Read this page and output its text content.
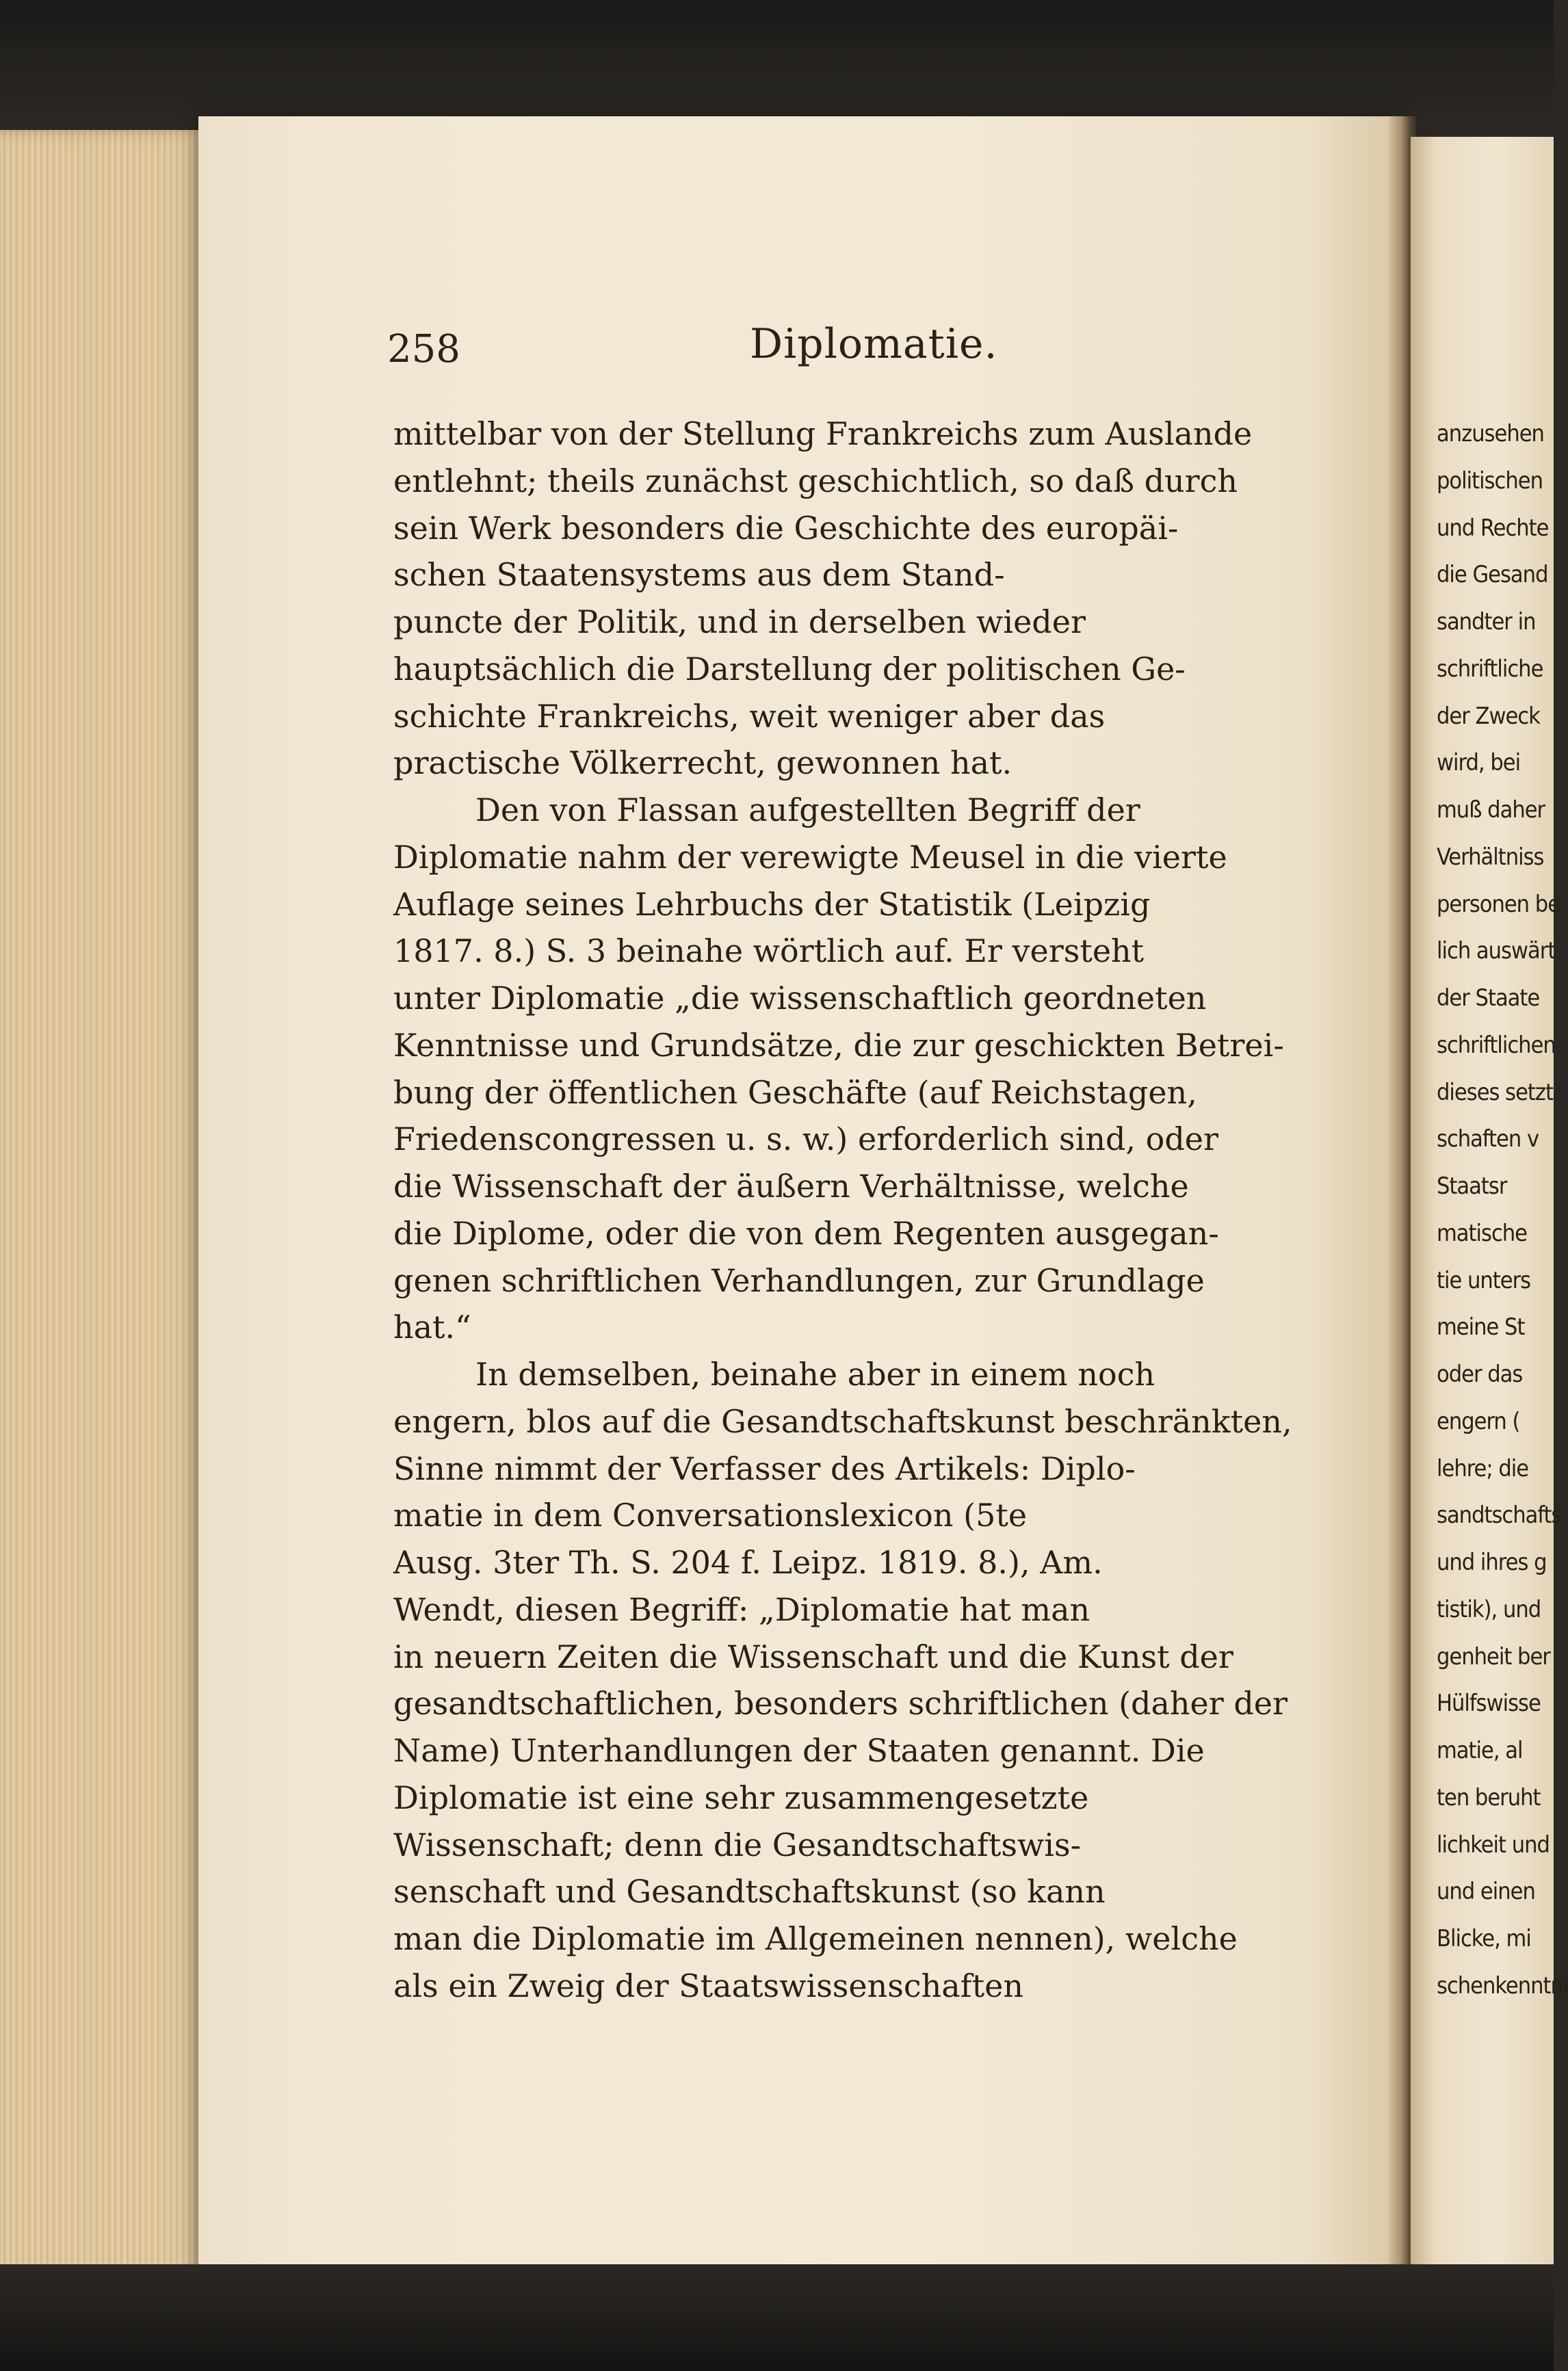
258	Diplomatie.
mittelbar von der Stellung Frankreichs zum Auslande
entlehnt; theils zunächst geschichtlich, so daß durch
sein Werk besonders die Geschichte des europäi-
schen Staatensystems aus dem Stand-
puncte der Politik, und in derselben wieder
hauptsächlich die Darstellung der politischen Ge-
schichte Frankreichs, weit weniger aber das
practische Völkerrecht, gewonnen hat.
Den von Flassan aufgestellten Begriff der
Diplomatie nahm der verewigte Meusel in die vierte
Auflage seines Lehrbuchs der Statistik (Leipzig
1817. 8.) S. 3 beinahe wörtlich auf. Er versteht
unter Diplomatie „die wissenschaftlich geordneten
Kenntnisse und Grundsätze, die zur geschickten Betrei-
bung der öffentlichen Geschäfte (auf Reichstagen,
Friedenscongressen u. s. w.) erforderlich sind, oder
die Wissenschaft der äußern Verhältnisse, welche
die Diplome, oder die von dem Regenten ausgegan-
genen schriftlichen Verhandlungen, zur Grundlage
hat.“
In demselben, beinahe aber in einem noch
engern, blos auf die Gesandtschaftskunst beschränkten,
Sinne nimmt der Verfasser des Artikels: Diplo-
matie in dem Conversationslexicon (5te
Ausg. 3ter Th. S. 204 f. Leipz. 1819. 8.), Am.
Wendt, diesen Begriff: „Diplomatie hat man
in neuern Zeiten die Wissenschaft und die Kunst der
gesandtschaftlichen, besonders schriftlichen (daher der
Name) Unterhandlungen der Staaten genannt. Die
Diplomatie ist eine sehr zusammengesetzte
Wissenschaft; denn die Gesandtschaftswis-
senschaft und Gesandtschaftskunst (so kann
man die Diplomatie im Allgemeinen nennen), welche
als ein Zweig der Staatswissenschaften
anzusehen
politischen
und Rechte
die Gesand
sandter in
schriftliche
der Zweck
wird, bei
muß daher
Verhältniss
personen be
lich auswärt
der Staate
schriftlichen
dieses setzt
schaften v
Staatsr
matische
tie unters
meine St
oder das
engern (
lehre; die
sandtschafts
und ihres g
tistik), und
genheit ber
Hülfswisse
matie, al
ten beruht
lichkeit und
und einen
Blicke, mi
schenkenntni
